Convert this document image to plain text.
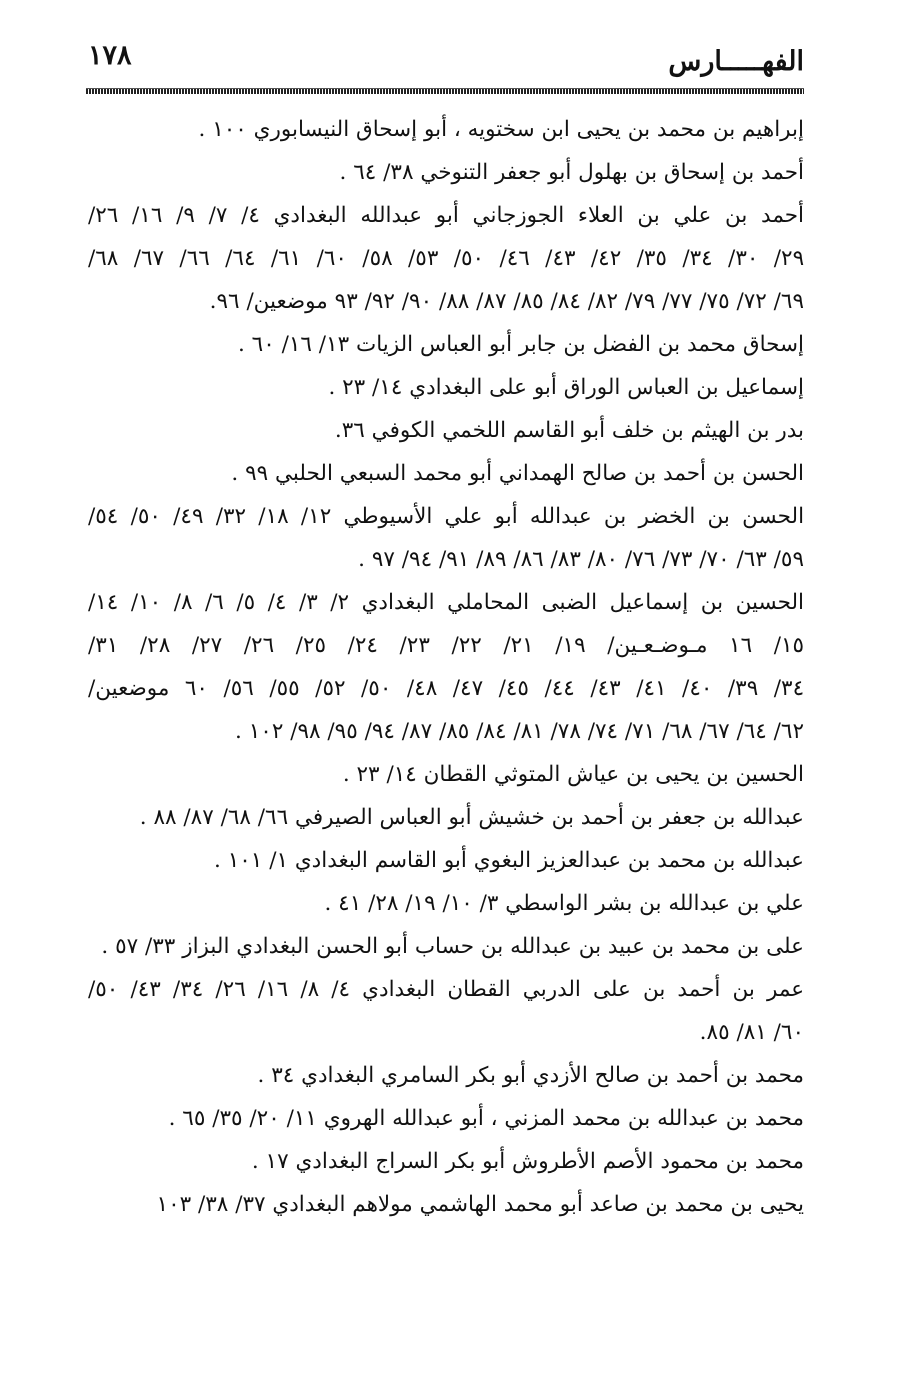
١٧٨	الفهـــــارس
إبراهيم بن محمد بن يحيى ابن سختويه ، أبو إسحاق النيسابوري ١٠٠ .
أحمد بن إسحاق بن بهلول أبو جعفر التنوخي ٣٨/ ٦٤ .
أحمد بن علي بن العلاء الجوزجاني أبو عبدالله البغدادي ٤/ ٧/ ٩/ ١٦/ ٢٦/
٢٩/ ٣٠/ ٣٤/ ٣٥/ ٤٢/ ٤٣/ ٤٦/ ٥٠/ ٥٣/ ٥٨/ ٦٠/ ٦١/ ٦٤/ ٦٦/ ٦٧/ ٦٨/
٦٩/ ٧٢/ ٧٥/ ٧٧/ ٧٩/ ٨٢/ ٨٤/ ٨٥/ ٨٧/ ٨٨/ ٩٠/ ٩٢/ ٩٣ موضعين/ ٩٦.
إسحاق محمد بن الفضل بن جابر أبو العباس الزيات ١٣/ ١٦/ ٦٠ .
إسماعيل بن العباس الوراق أبو على البغدادي ١٤/ ٢٣ .
بدر بن الهيثم بن خلف أبو القاسم اللخمي الكوفي ٣٦.
الحسن بن أحمد بن صالح الهمداني أبو محمد السبعي الحلبي ٩٩ .
الحسن بن الخضر بن عبدالله أبو علي الأسيوطي ١٢/ ١٨/ ٣٢/ ٤٩/ ٥٠/ ٥٤/
٥٩/ ٦٣/ ٧٠/ ٧٣/ ٧٦/ ٨٠/ ٨٣/ ٨٦/ ٨٩/ ٩١/ ٩٤/ ٩٧ .
الحسين بن إسماعيل الضبى المحاملي البغدادي ٢/ ٣/ ٤/ ٥/ ٦/ ٨/ ١٠/ ١٤/
١٥/ ١٦ مـوضـعـين/ ١٩/ ٢١/ ٢٢/ ٢٣/ ٢٤/ ٢٥/ ٢٦/ ٢٧/ ٢٨/ ٣١/
٣٤/ ٣٩/ ٤٠/ ٤١/ ٤٣/ ٤٤/ ٤٥/ ٤٧/ ٤٨/ ٥٠/ ٥٢/ ٥٥/ ٥٦/ ٦٠ موضعين/
٦٢/ ٦٤/ ٦٧/ ٦٨/ ٧١/ ٧٤/ ٧٨/ ٨١/ ٨٤/ ٨٥/ ٨٧/ ٩٤/ ٩٥/ ٩٨/ ١٠٢ .
الحسين بن يحيى بن عياش المتوثي القطان ١٤/ ٢٣ .
عبدالله بن جعفر بن أحمد بن خشيش أبو العباس الصيرفي ٦٦/ ٦٨/ ٨٧/ ٨٨ .
عبدالله بن محمد بن عبدالعزيز البغوي أبو القاسم البغدادي ١/ ١٠١ .
علي بن عبدالله بن بشر الواسطي ٣/ ١٠/ ١٩/ ٢٨/ ٤١ .
على بن محمد بن عبيد بن عبدالله بن حساب أبو الحسن البغدادي البزاز ٣٣/ ٥٧ .
عمر بن أحمد بن على الدربي القطان البغدادي ٤/ ٨/ ١٦/ ٢٦/ ٣٤/ ٤٣/ ٥٠/
٦٠/ ٨١/ ٨٥.
محمد بن أحمد بن صالح الأزدي أبو بكر السامري البغدادي ٣٤ .
محمد بن عبدالله بن محمد المزني ، أبو عبدالله الهروي ١١/ ٢٠/ ٣٥/ ٦٥ .
محمد بن محمود الأصم الأطروش أبو بكر السراج البغدادي ١٧ .
يحيى بن محمد بن صاعد أبو محمد الهاشمي مولاهم البغدادي ٣٧/ ٣٨/ ١٠٣
